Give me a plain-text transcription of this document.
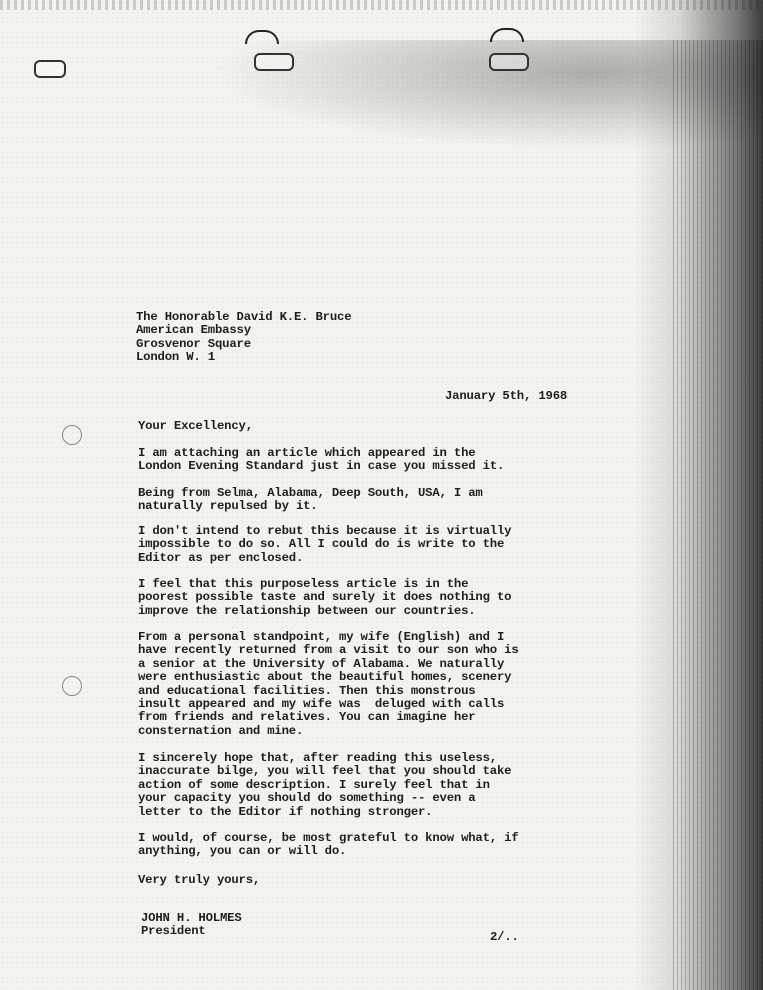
The Honorable David K.E. Bruce
American Embassy
Grosvenor Square
London W. 1
January 5th, 1968
Your Excellency,
I am attaching an article which appeared in the
London Evening Standard just in case you missed it.
Being from Selma, Alabama, Deep South, USA, I am
naturally repulsed by it.
I don't intend to rebut this because it is virtually
impossible to do so. All I could do is write to the
Editor as per enclosed.
I feel that this purposeless article is in the
poorest possible taste and surely it does nothing to
improve the relationship between our countries.
From a personal standpoint, my wife (English) and I
have recently returned from a visit to our son who is
a senior at the University of Alabama. We naturally
were enthusiastic about the beautiful homes, scenery
and educational facilities. Then this monstrous
insult appeared and my wife was  deluged with calls
from friends and relatives. You can imagine her
consternation and mine.
I sincerely hope that, after reading this useless,
inaccurate bilge, you will feel that you should take
action of some description. I surely feel that in
your capacity you should do something -- even a
letter to the Editor if nothing stronger.
I would, of course, be most grateful to know what, if
anything, you can or will do.
Very truly yours,
JOHN H. HOLMES
President	2/..
